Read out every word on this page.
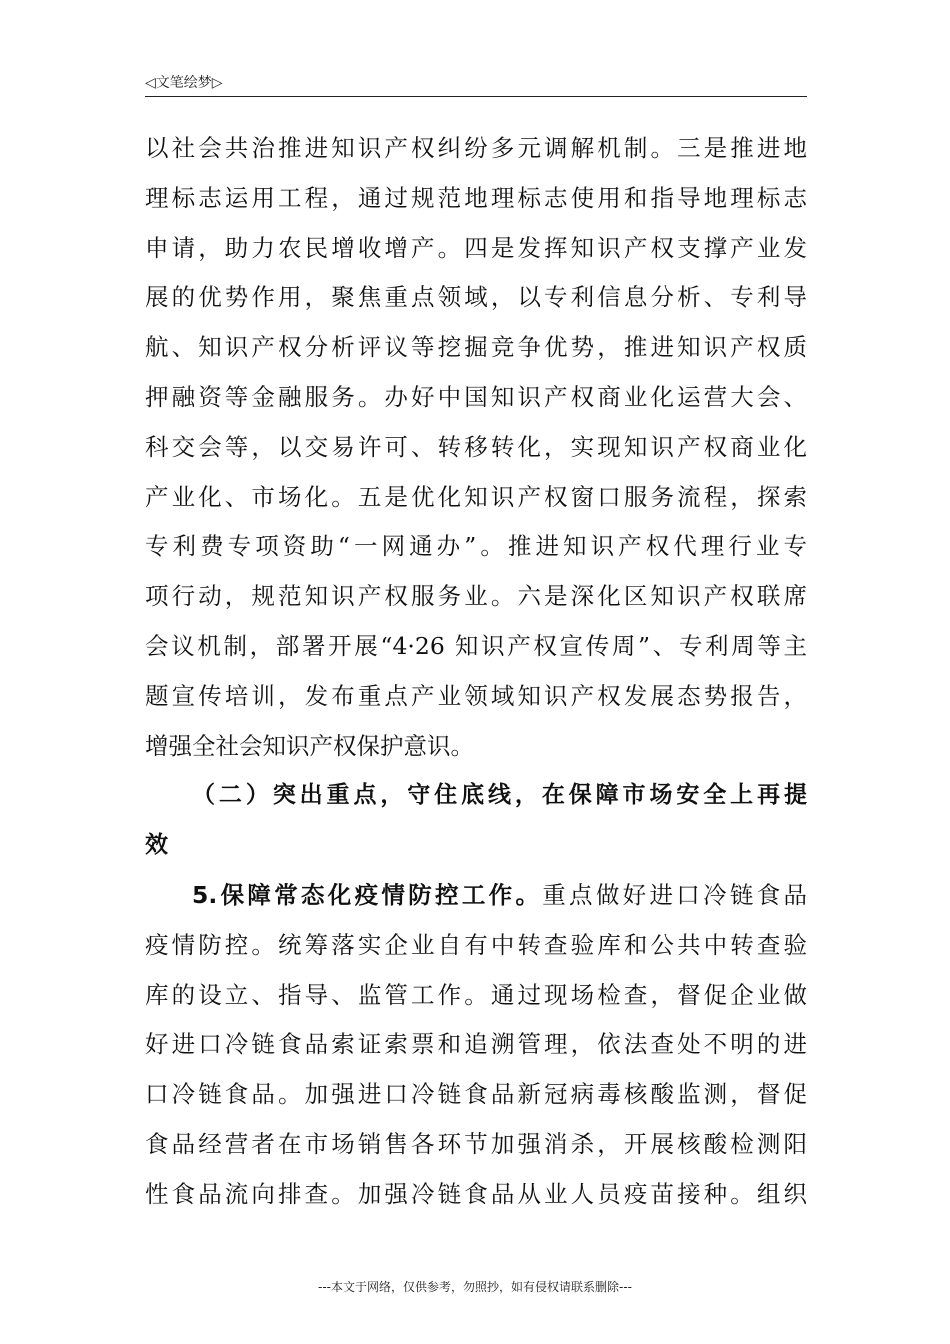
◁文笔绘梦▷
以社会共治推进知识产权纠纷多元调解机制。三是推进地
理标志运用工程，通过规范地理标志使用和指导地理标志
申请，助力农民增收增产。四是发挥知识产权支撑产业发
展的优势作用，聚焦重点领域，以专利信息分析、专利导
航、知识产权分析评议等挖掘竞争优势，推进知识产权质
押融资等金融服务。办好中国知识产权商业化运营大会、
科交会等，以交易许可、转移转化，实现知识产权商业化
产业化、市场化。五是优化知识产权窗口服务流程，探索
专利费专项资助“一网通办”。推进知识产权代理行业专
项行动，规范知识产权服务业。六是深化区知识产权联席
会议机制，部署开展“4·26 知识产权宣传周”、专利周等主
题宣传培训，发布重点产业领域知识产权发展态势报告，
增强全社会知识产权保护意识。
（二）突出重点，守住底线，在保障市场安全上再提
效
5.保障常态化疫情防控工作。重点做好进口冷链食品
疫情防控。统筹落实企业自有中转查验库和公共中转查验
库的设立、指导、监管工作。通过现场检查，督促企业做
好进口冷链食品索证索票和追溯管理，依法查处不明的进
口冷链食品。加强进口冷链食品新冠病毒核酸监测，督促
食品经营者在市场销售各环节加强消杀，开展核酸检测阳
性食品流向排查。加强冷链食品从业人员疫苗接种。组织
---本文于网络，仅供参考，勿照抄，如有侵权请联系删除---
